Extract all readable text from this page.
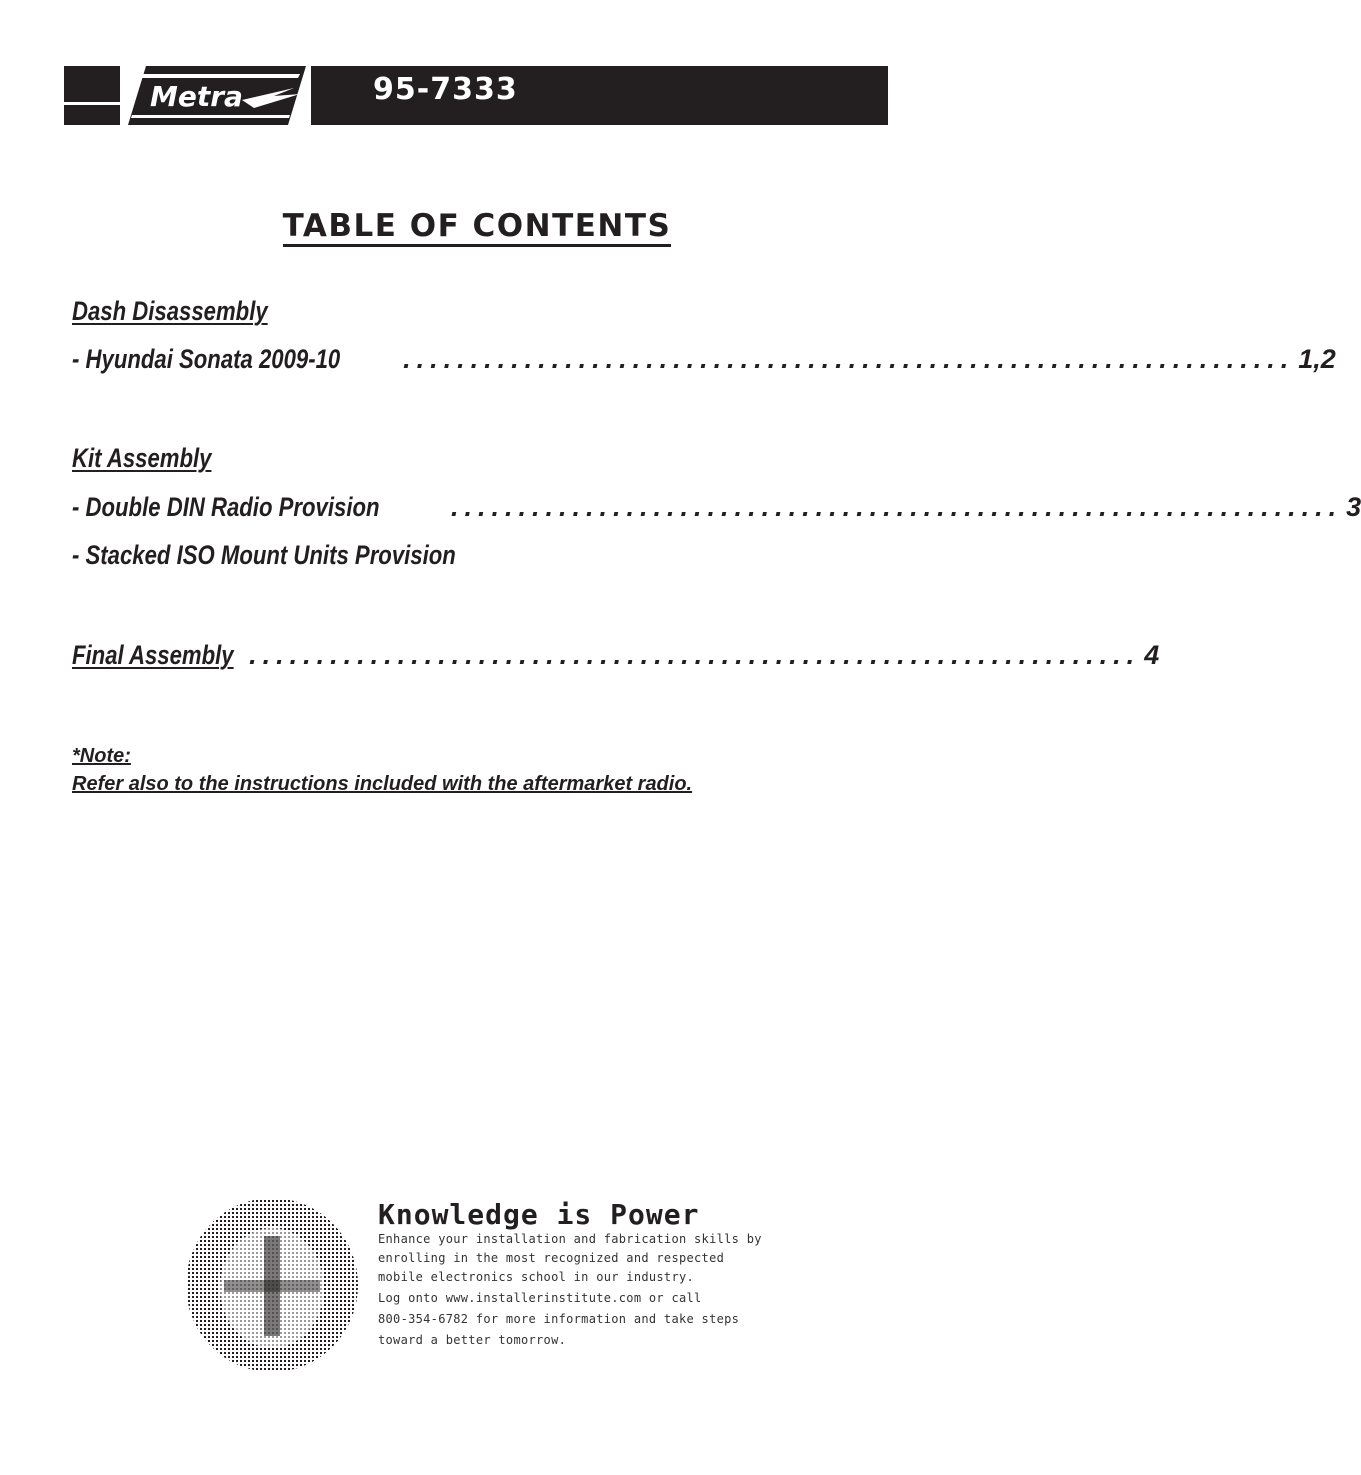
Metra	95-7333
TABLE OF CONTENTS
Dash Disassembly
- Hyundai Sonata 2009-10 .................................................................. 1,2
Kit Assembly
- Double DIN Radio Provision	.................................................................. 3
- Stacked ISO Mount Units Provision
Final Assembly .................................................................. 4
*Note:
Refer also to the instructions included with the aftermarket radio.
Knowledge is Power
Enhance your installation and fabrication skills by
enrolling in the most recognized and respected
mobile electronics school in our industry.
Log onto www.installerinstitute.com or call
800-354-6782 for more information and take steps
toward a better tomorrow.
